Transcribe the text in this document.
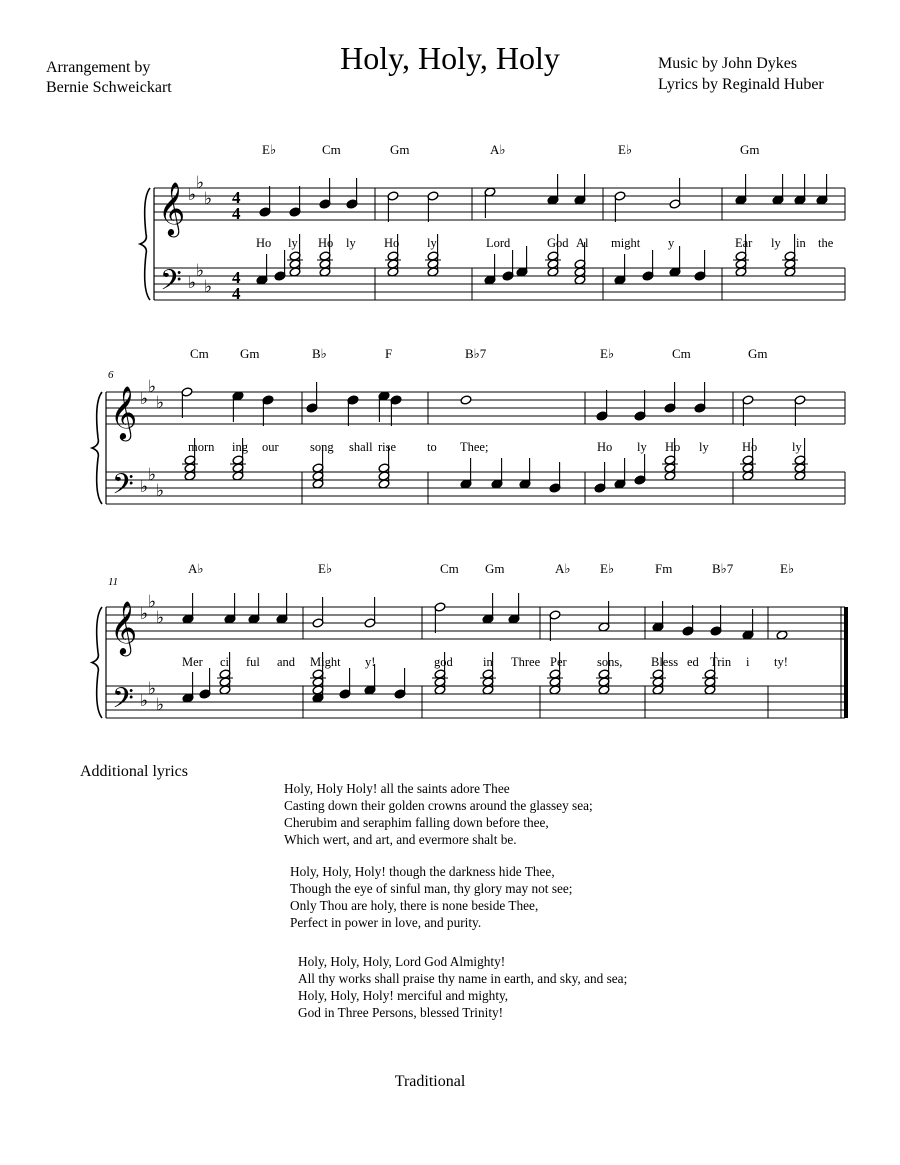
Holy, Holy, Holy
Arrangement by
Bernie Schweickart
Music by John Dykes
Lyrics by Reginald Huber
𝄞
𝄢
♭
♭
♭
♭
♭
♭
4
4
4
4
E♭	Cm	Gm	A♭	E♭	Gm
Ho ly Ho ly Ho ly	Lord	God Al might y	Ear ly in the
𝄞
𝄢
♭
♭
♭
♭
♭
♭
6
Cm Gm	B♭	F	B♭7	E♭	Cm	Gm
morn ing our	song shall rise to Thee;	Ho ly Ho ly	Ho	ly
𝄞
𝄢
♭
♭
♭
♭
♭
♭
11
A♭	E♭	Cm Gm	A♭ E♭	Fm	B♭7	E♭
Mer ci ful and Might y!	god in Three Per sons, Bless ed Trin i ty!
Additional lyrics
Holy, Holy Holy! all the saints adore Thee
Casting down their golden crowns around the glassey sea;
Cherubim and seraphim falling down before thee,
Which wert, and art, and evermore shalt be.
Holy, Holy, Holy! though the darkness hide Thee,
Though the eye of sinful man, thy glory may not see;
Only Thou are holy, there is none beside Thee,
Perfect in power in love, and purity.
Holy, Holy, Holy, Lord God Almighty!
All thy works shall praise thy name in earth, and sky, and sea;
Holy, Holy, Holy! merciful and mighty,
God in Three Persons, blessed Trinity!
Traditional
